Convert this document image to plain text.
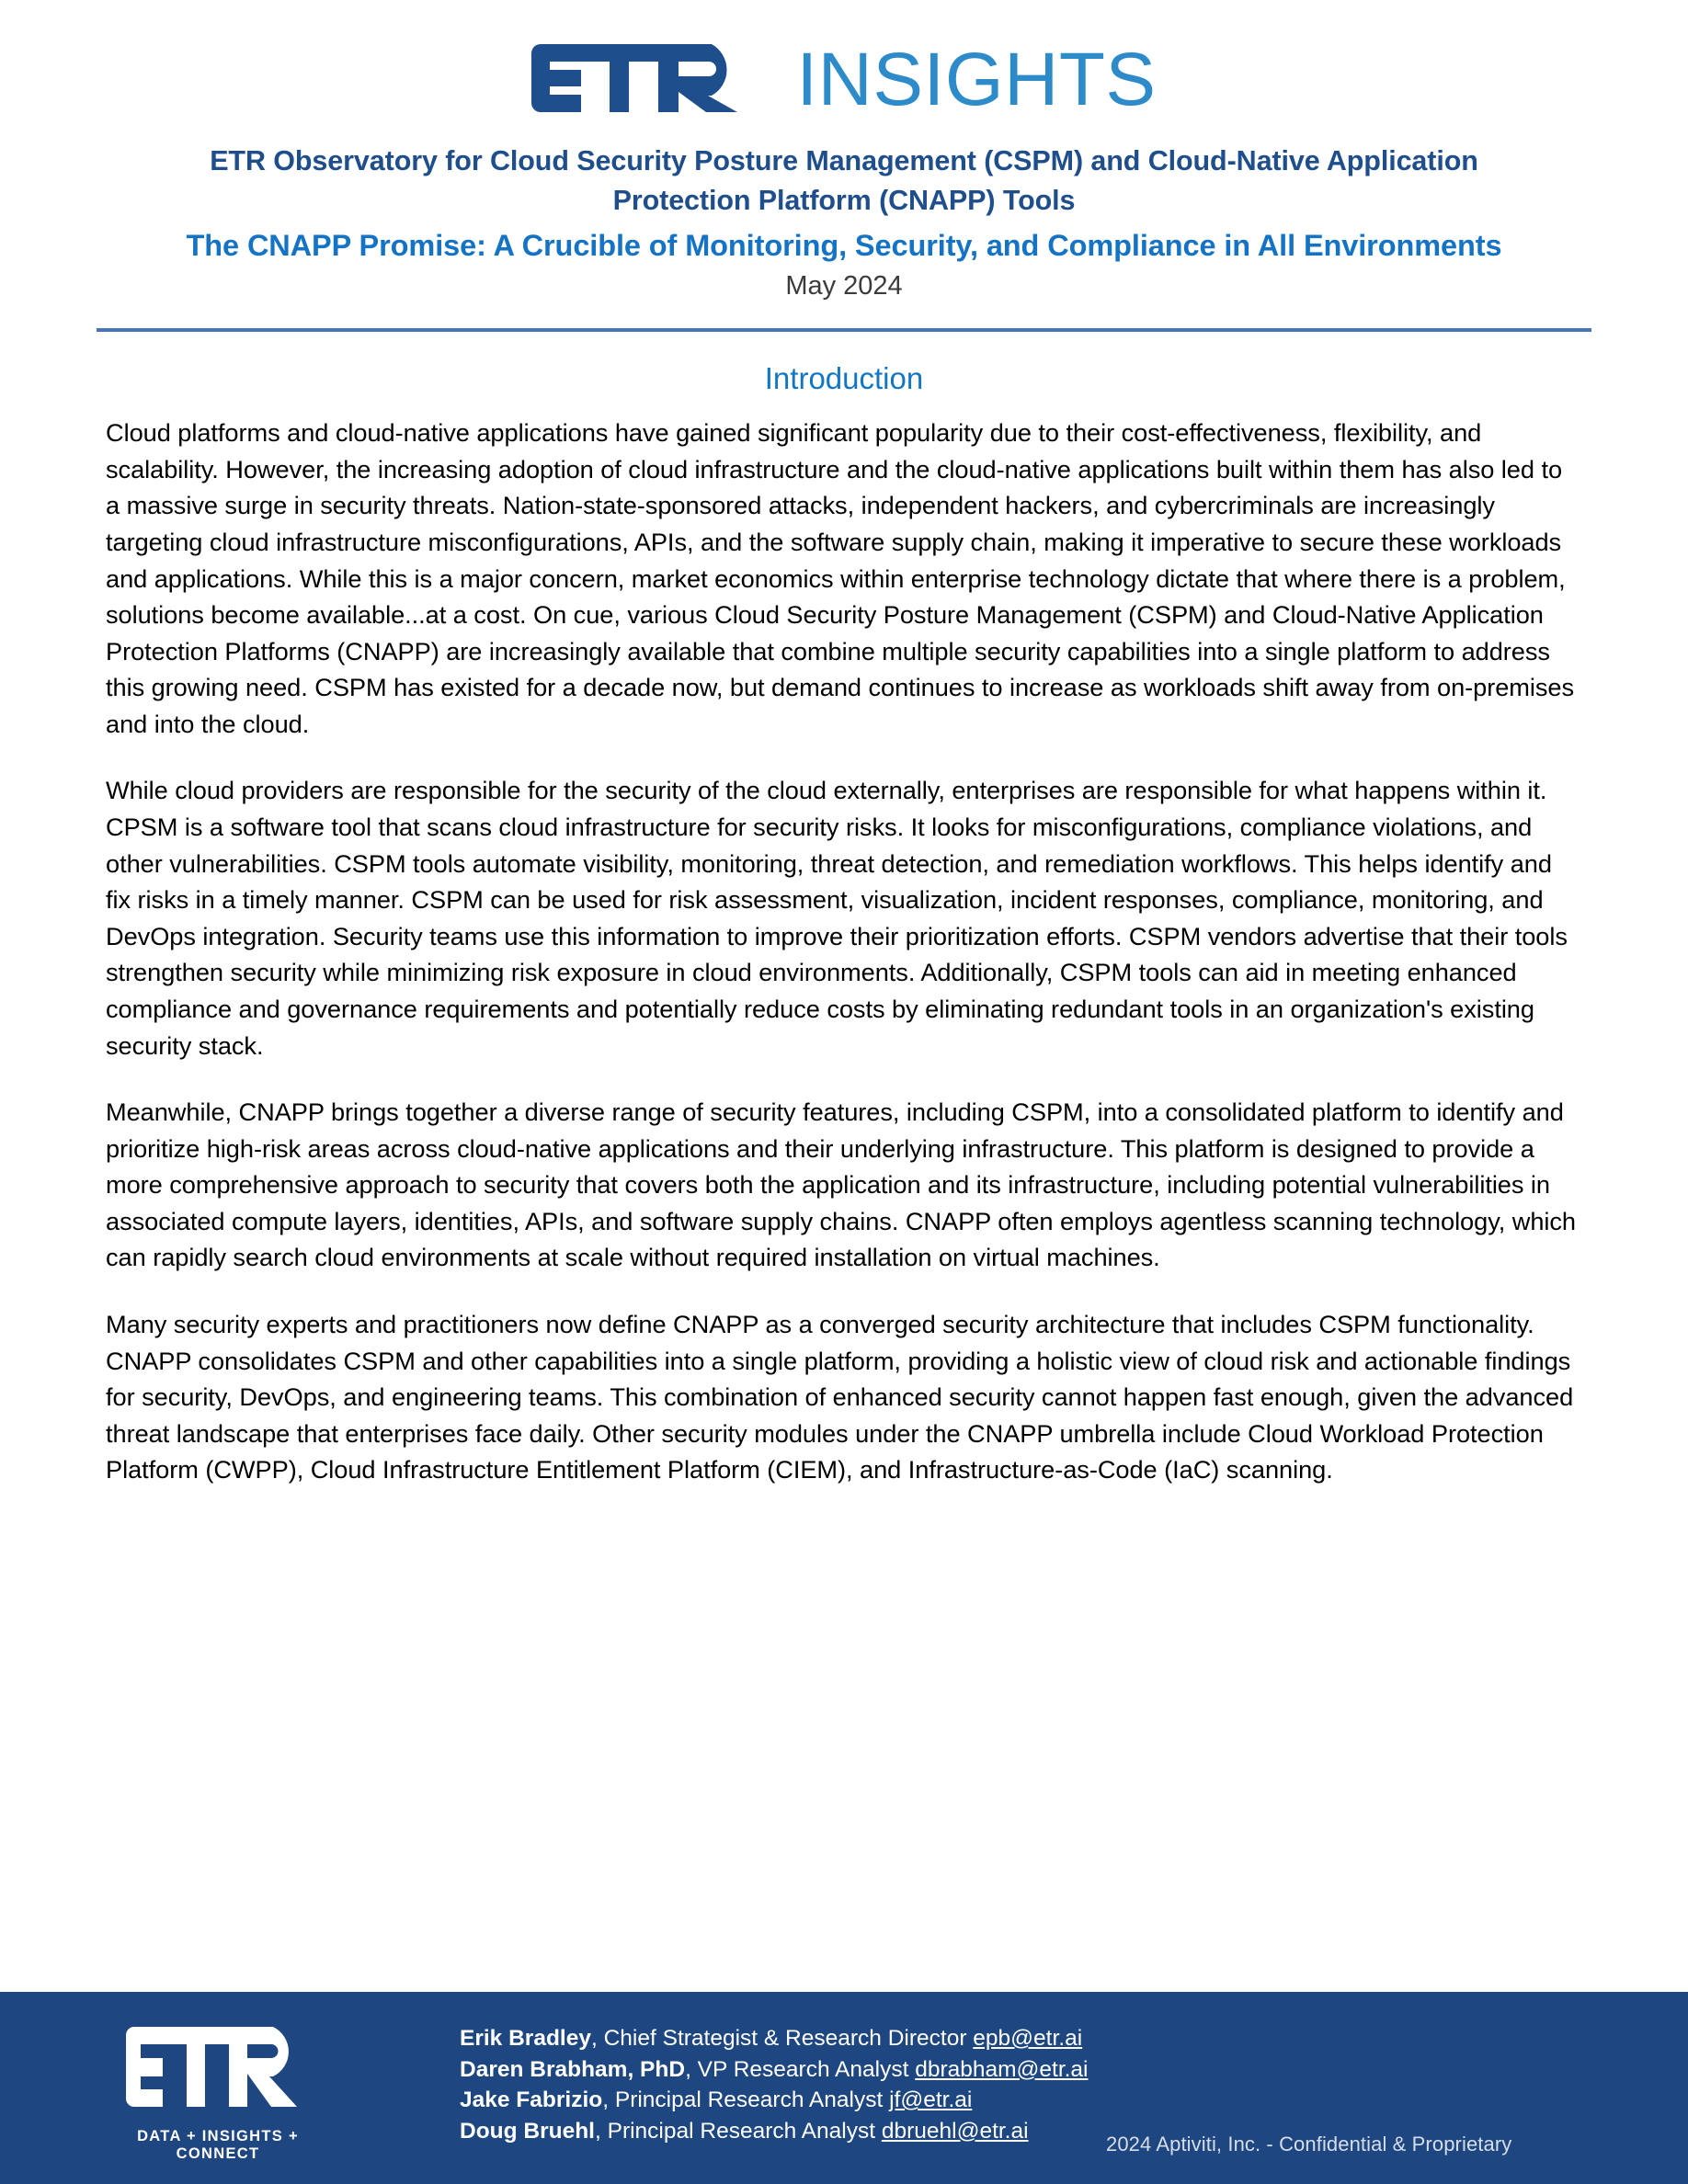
INSIGHTS
ETR Observatory for Cloud Security Posture Management (CSPM) and Cloud-Native Application
Protection Platform (CNAPP) Tools
The CNAPP Promise: A Crucible of Monitoring, Security, and Compliance in All Environments
May 2024
Introduction

Cloud platforms and cloud-native applications have gained significant popularity due to their cost-effectiveness, flexibility, and scalability. However, the increasing adoption of cloud infrastructure and the cloud-native applications built within them has also led to a massive surge in security threats. Nation-state-sponsored attacks, independent hackers, and cybercriminals are increasingly targeting cloud infrastructure misconfigurations, APIs, and the software supply chain, making it imperative to secure these workloads and applications. While this is a major concern, market economics within enterprise technology dictate that where there is a problem, solutions become available...at a cost. On cue, various Cloud Security Posture Management (CSPM) and Cloud-Native Application Protection Platforms (CNAPP) are increasingly available that combine multiple security capabilities into a single platform to address this growing need. CSPM has existed for a decade now, but demand continues to increase as workloads shift away from on-premises and into the cloud.

While cloud providers are responsible for the security of the cloud externally, enterprises are responsible for what happens within it. CPSM is a software tool that scans cloud infrastructure for security risks. It looks for misconfigurations, compliance violations, and other vulnerabilities. CSPM tools automate visibility, monitoring, threat detection, and remediation workflows. This helps identify and fix risks in a timely manner. CSPM can be used for risk assessment, visualization, incident responses, compliance, monitoring, and DevOps integration. Security teams use this information to improve their prioritization efforts. CSPM vendors advertise that their tools strengthen security while minimizing risk exposure in cloud environments. Additionally, CSPM tools can aid in meeting enhanced compliance and governance requirements and potentially reduce costs by eliminating redundant tools in an organization's existing security stack.

Meanwhile, CNAPP brings together a diverse range of security features, including CSPM, into a consolidated platform to identify and prioritize high-risk areas across cloud-native applications and their underlying infrastructure. This platform is designed to provide a more comprehensive approach to security that covers both the application and its infrastructure, including potential vulnerabilities in associated compute layers, identities, APIs, and software supply chains. CNAPP often employs agentless scanning technology, which can rapidly search cloud environments at scale without required installation on virtual machines.

Many security experts and practitioners now define CNAPP as a converged security architecture that includes CSPM functionality. CNAPP consolidates CSPM and other capabilities into a single platform, providing a holistic view of cloud risk and actionable findings for security, DevOps, and engineering teams. This combination of enhanced security cannot happen fast enough, given the advanced threat landscape that enterprises face daily. Other security modules under the CNAPP umbrella include Cloud Workload Protection Platform (CWPP), Cloud Infrastructure Entitlement Platform (CIEM), and Infrastructure-as-Code (IaC) scanning.

DATA + INSIGHTS + CONNECT
Erik Bradley, Chief Strategist & Research Director epb@etr.ai
Daren Brabham, PhD, VP Research Analyst dbrabham@etr.ai
Jake Fabrizio, Principal Research Analyst jf@etr.ai
Doug Bruehl, Principal Research Analyst dbruehl@etr.ai
2024 Aptiviti, Inc. - Confidential & Proprietary
